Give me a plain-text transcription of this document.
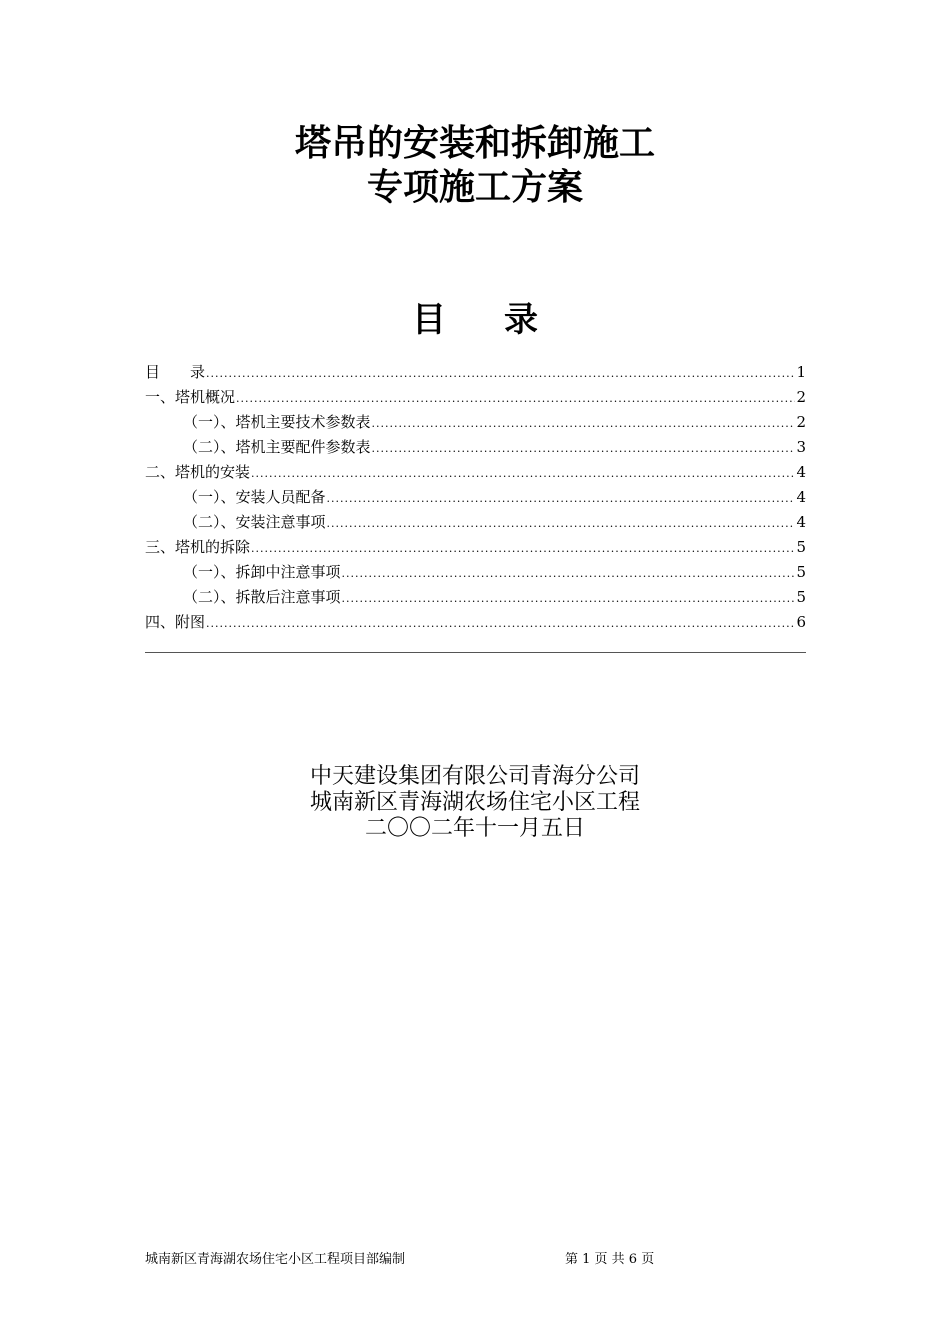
塔吊的安装和拆卸施工
专项施工方案
目录
目　　录 .....	1
一、塔机概况 .....	2
（一）、塔机主要技术参数表 .....	2
（二）、塔机主要配件参数表 .....	3
二、塔机的安装 .....	4
（一）、安装人员配备 .....	4
（二）、安装注意事项 .....	4
三、塔机的拆除 .....	5
（一）、拆卸中注意事项 .....	5
（二）、拆散后注意事项 .....	5
四、附图 .....	6
中天建设集团有限公司青海分公司
城南新区青海湖农场住宅小区工程
二〇〇二年十一月五日
城南新区青海湖农场住宅小区工程项目部编制	第 1 页 共 6 页
